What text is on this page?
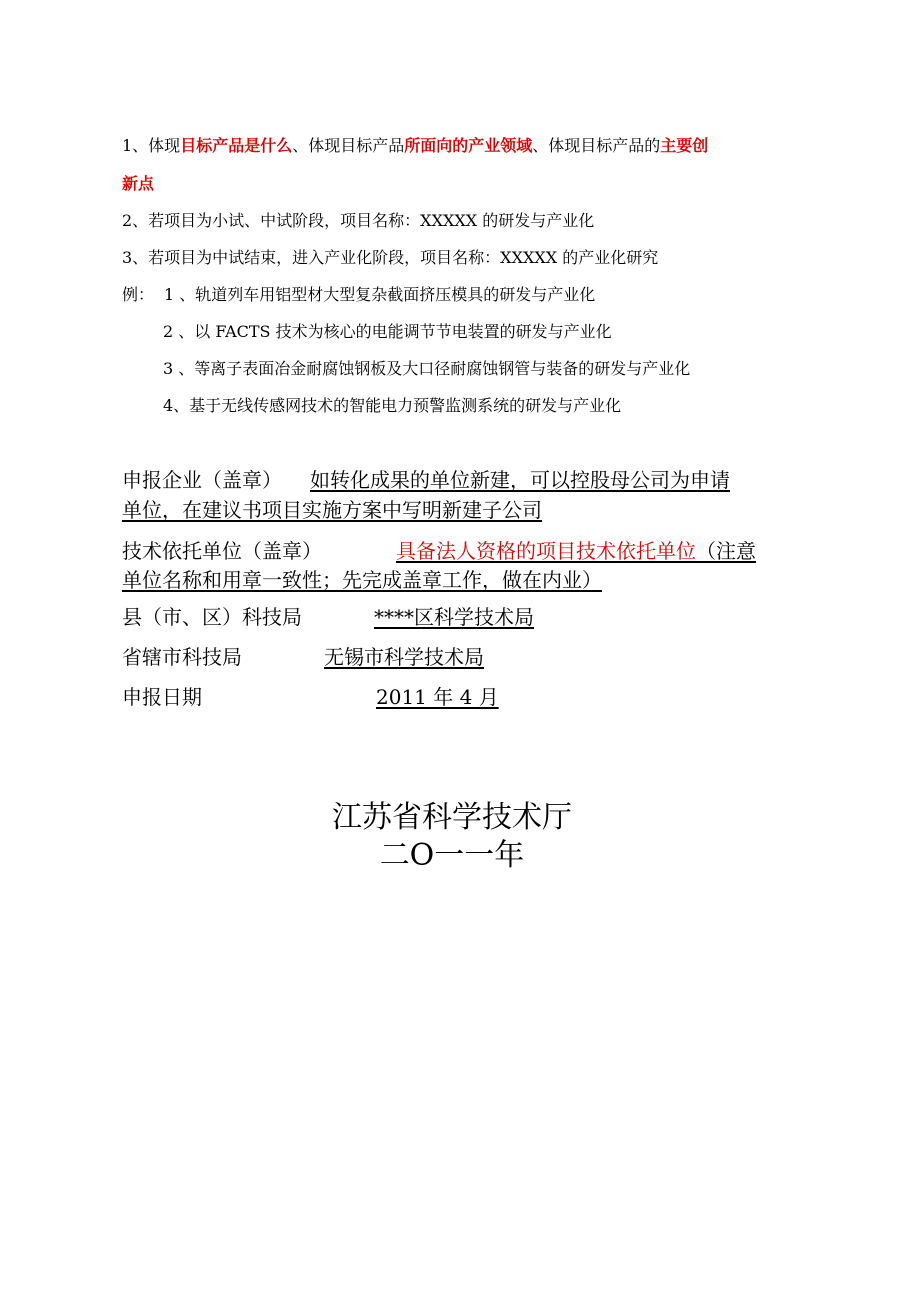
1、体现目标产品是什么、体现目标产品所面向的产业领域、体现目标产品的主要创
新点
2、若项目为小试、中试阶段，项目名称：XXXXX 的研发与产业化
3、若项目为中试结束，进入产业化阶段，项目名称：XXXXX 的产业化研究
例： 1 、轨道列车用铝型材大型复杂截面挤压模具的研发与产业化
2 、以 FACTS 技术为核心的电能调节节电装置的研发与产业化
3 、等离子表面冶金耐腐蚀钢板及大口径耐腐蚀钢管与装备的研发与产业化
4、基于无线传感网技术的智能电力预警监测系统的研发与产业化
申报企业（盖章） 如转化成果的单位新建，可以控股母公司为申请
单位，在建议书项目实施方案中写明新建子公司
技术依托单位（盖章）	具备法人资格的项目技术依托单位（注意
单位名称和用章一致性；先完成盖章工作，做在内业）
县（市、区）科技局	****区科学技术局
省辖市科技局	无锡市科学技术局
申报日期	2011 年 4 月
江苏省科学技术厅
二O一一年
